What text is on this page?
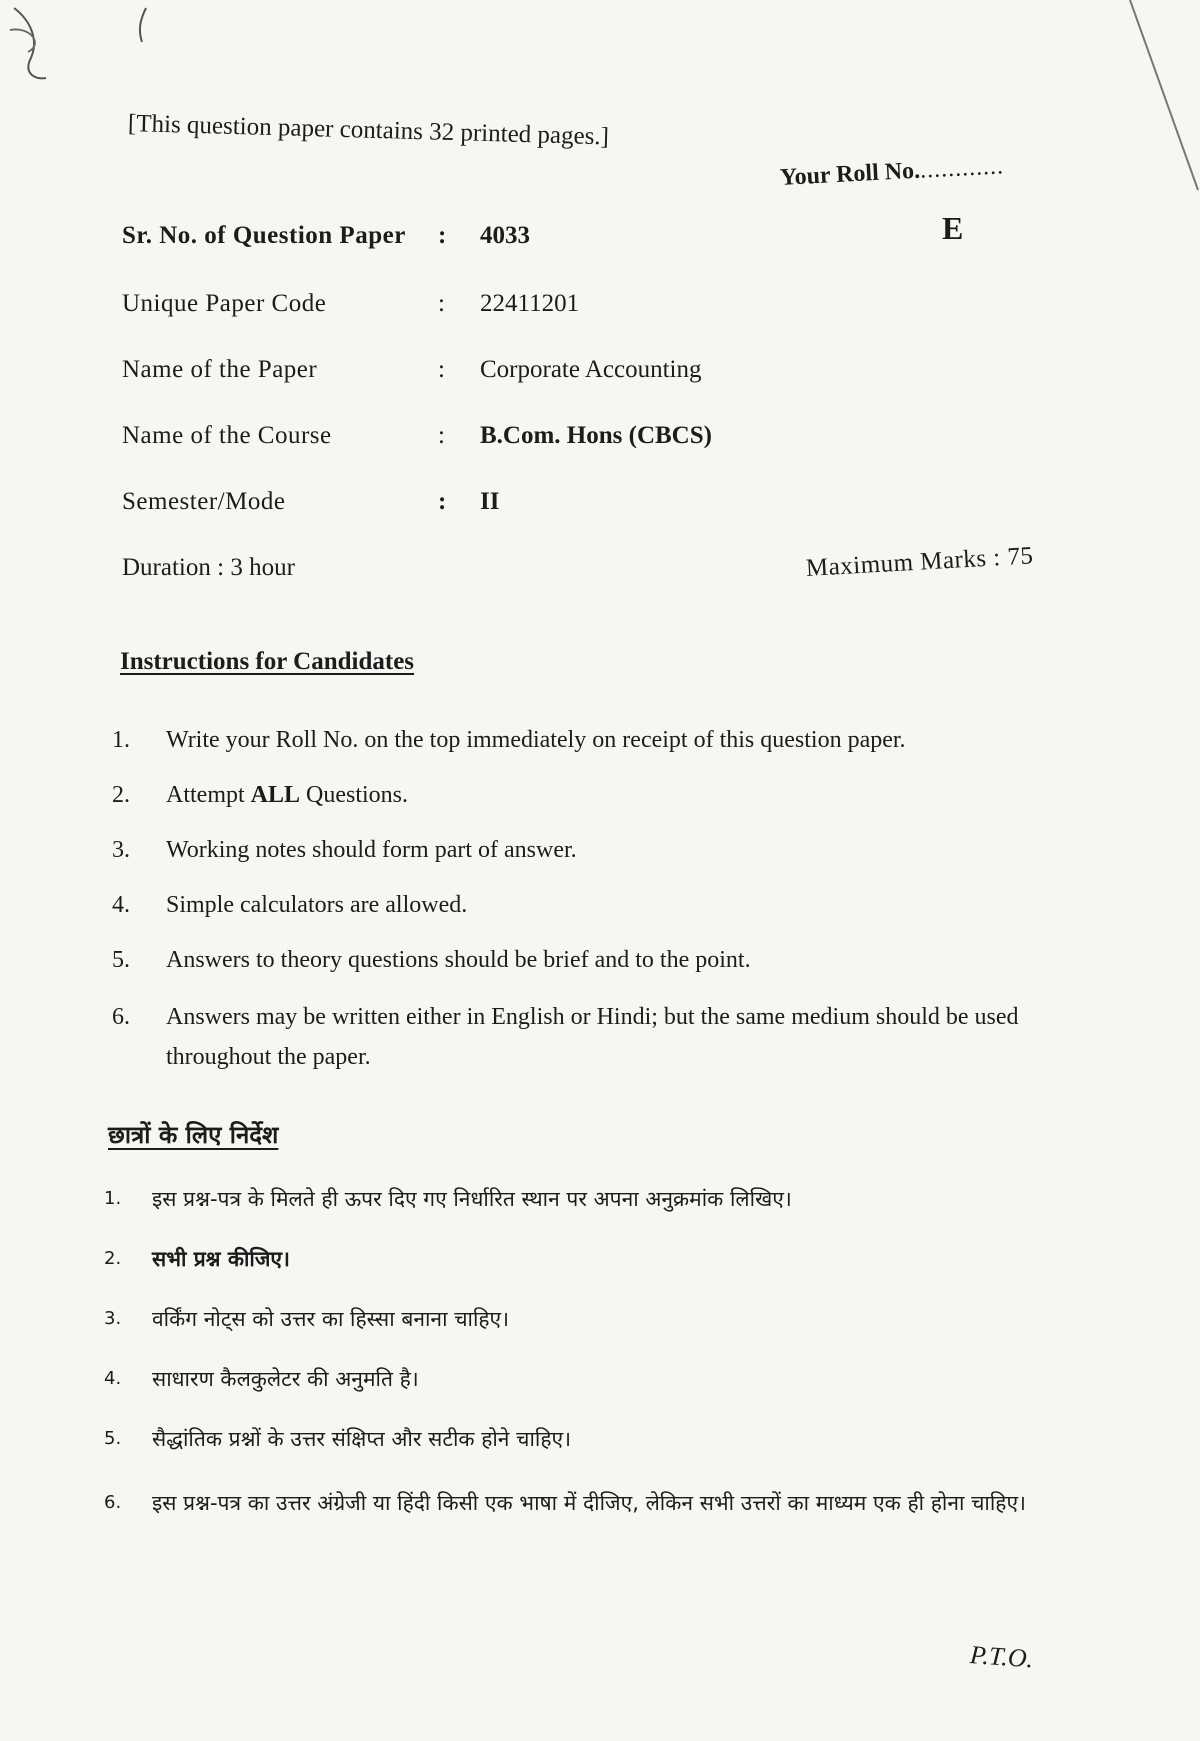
[This question paper contains 32 printed pages.]
Your Roll No.............
E
Sr. No. of Question Paper : 4033
Unique Paper Code	: 22411201
Name of the Paper	: Corporate Accounting
Name of the Course	: B.Com. Hons (CBCS)
Semester/Mode	: II
Duration : 3 hour	Maximum Marks : 75
Instructions for Candidates
1. Write your Roll No. on the top immediately on receipt of this question paper.
2. Attempt ALL Questions.
3. Working notes should form part of answer.
4. Simple calculators are allowed.
5. Answers to theory questions should be brief and to the point.
6. Answers may be written either in English or Hindi; but the same medium should be used throughout the paper.
छात्रों के लिए निर्देश
1. इस प्रश्न-पत्र के मिलते ही ऊपर दिए गए निर्धारित स्थान पर अपना अनुक्रमांक लिखिए।
2. सभी प्रश्न कीजिए।
3. वर्किंग नोट्स को उत्तर का हिस्सा बनाना चाहिए।
4. साधारण कैलकुलेटर की अनुमति है।
5. सैद्धांतिक प्रश्नों के उत्तर संक्षिप्त और सटीक होने चाहिए।
6. इस प्रश्न-पत्र का उत्तर अंग्रेजी या हिंदी किसी एक भाषा में दीजिए, लेकिन सभी उत्तरों का माध्यम एक ही होना चाहिए।
P.T.O.
